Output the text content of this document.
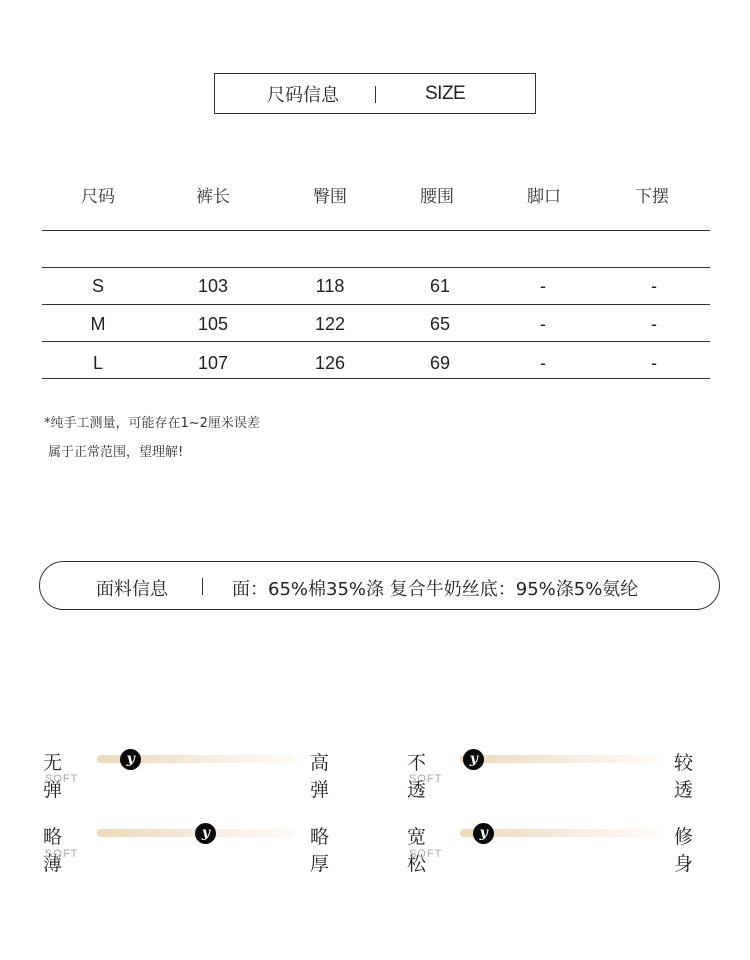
尺码信息	SIZE
尺码	裤长	臀围	腰围	脚口	下摆
S	103	118	61	-	-
M	105	122	65	-	-
L	107	126	69	-	-
*纯手工测量，可能存在1~2厘米误差
属于正常范围，望理解!
面料信息	面：65%棉35%涤 复合牛奶丝底：95%涤5%氨纶
无弹
SOFT
y	高弹
不透
SOFT
y	较透
略薄
SOFT
y	略厚
宽松
SOFT
y	修身
